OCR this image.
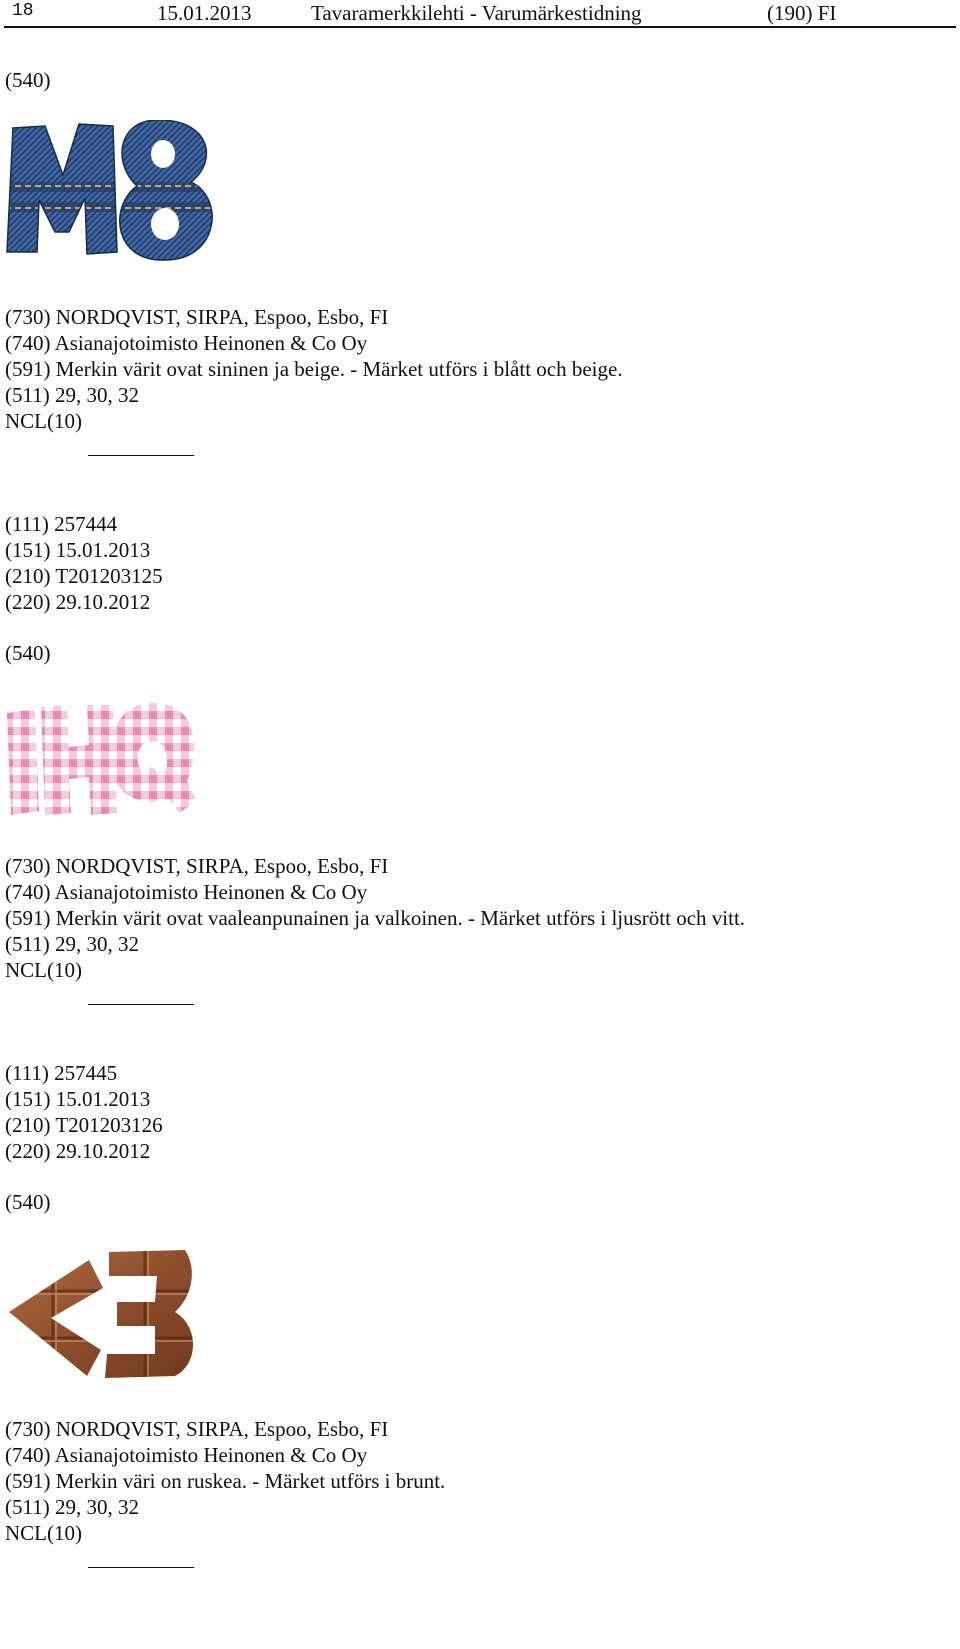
18	15.01.2013	Tavaramerkkilehti - Varumärkestidning	(190) FI
(540)
(730) NORDQVIST, SIRPA, Espoo, Esbo, FI
(740) Asianajotoimisto Heinonen & Co Oy
(591) Merkin värit ovat sininen ja beige. - Märket utförs i blått och beige.
(511) 29, 30, 32
NCL(10)
(111) 257444
(151) 15.01.2013
(210) T201203125
(220) 29.10.2012
(540)
(730) NORDQVIST, SIRPA, Espoo, Esbo, FI
(740) Asianajotoimisto Heinonen & Co Oy
(591) Merkin värit ovat vaaleanpunainen ja valkoinen. - Märket utförs i ljusrött och vitt.
(511) 29, 30, 32
NCL(10)
(111) 257445
(151) 15.01.2013
(210) T201203126
(220) 29.10.2012
(540)
(730) NORDQVIST, SIRPA, Espoo, Esbo, FI
(740) Asianajotoimisto Heinonen & Co Oy
(591) Merkin väri on ruskea. - Märket utförs i brunt.
(511) 29, 30, 32
NCL(10)
